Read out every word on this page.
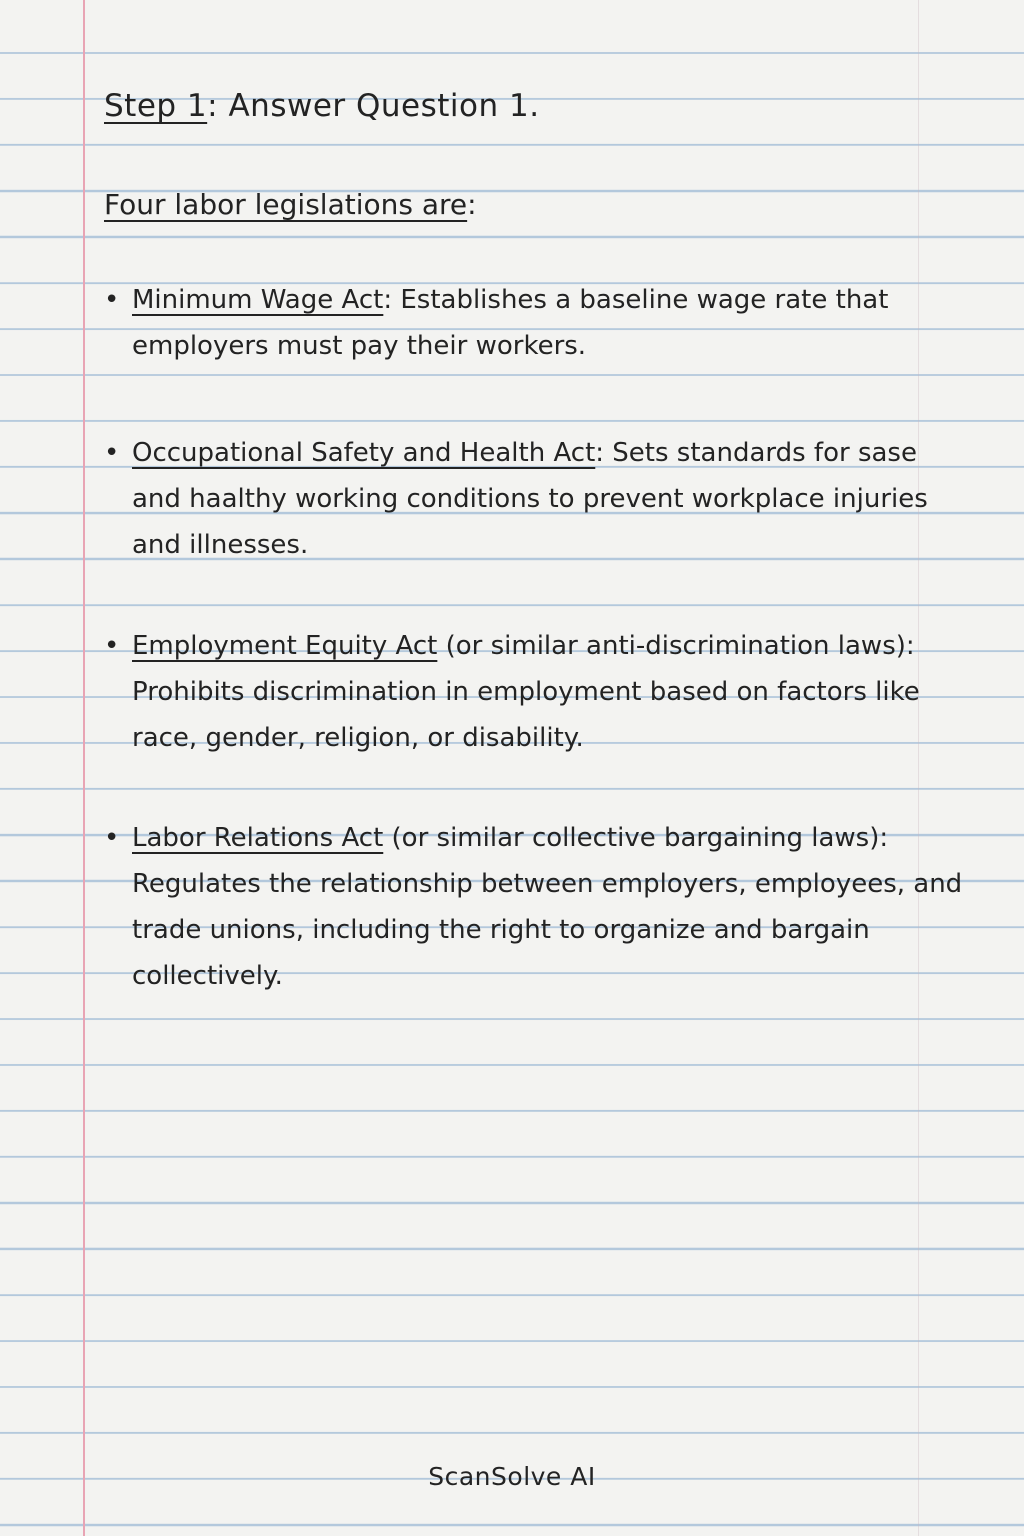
Step 1: Answer Question 1.
Four labor legislations are:
• Minimum Wage Act: Establishes a baseline wage rate that employers must pay their workers.
• Occupational Safety and Health Act: Sets standards for sase and haalthy working conditions to prevent workplace injuries and illnesses.
• Employment Equity Act (or similar anti-discrimination laws): Prohibits discrimination in employment based on factors like race, gender, religion, or disability.
• Labor Relations Act (or similar collective bargaining laws): Regulates the relationship between employers, employees, and trade unions, including the right to organize and bargain collectively.
ScanSolve AI
